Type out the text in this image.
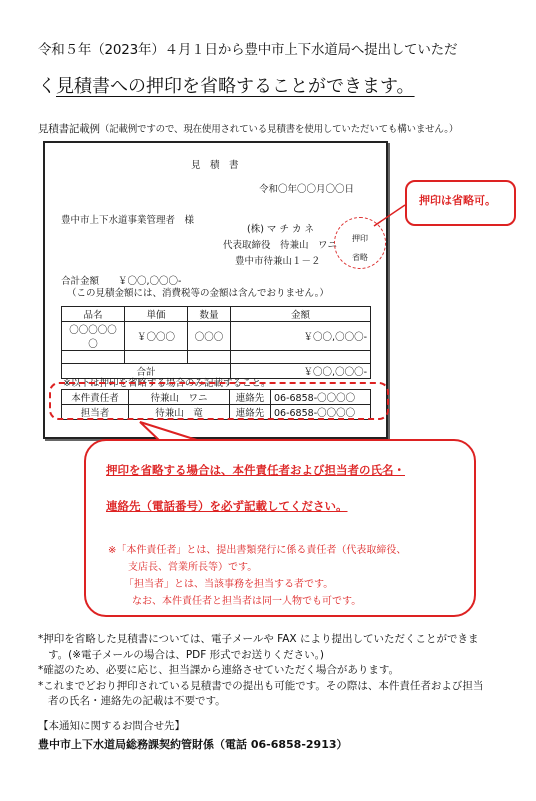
令和５年（2023年）４月１日から豊中市上下水道局へ提出していただ
く見積書への押印を省略することができます。
見積書記載例（記載例ですので、現在使用されている見積書を使用していただいても構いません。）
見　積　書
令和〇年〇〇月〇〇日
豊中市上下水道事業管理者　様
(株) マ チ カ ネ
代表取締役　待兼山　ワニ
豊中市待兼山１－２
押印
省略
合計金額　　￥〇〇,〇〇〇-
（この見積金額には、消費税等の金額は含んでおりません。）
品名	単価	数量	金額
〇〇〇〇〇〇	￥〇〇〇	〇〇〇	￥〇〇,〇〇〇-

合計			￥〇〇,〇〇〇-
※以下は押印を省略する場合のみ記載すること。
本件責任者	待兼山　ワニ	連絡先	06-6858-〇〇〇〇
担当者	待兼山　竜	連絡先	06-6858-〇〇〇〇
押印は省略可。
押印を省略する場合は、本件責任者および担当者の氏名・
連絡先（電話番号）を必ず記載してください。
※「本件責任者」とは、提出書類発行に係る責任者（代表取締役、
支店長、営業所長等）です。
「担当者」とは、当該事務を担当する者です。
なお、本件責任者と担当者は同一人物でも可です。

*押印を省略した見積書については、電子メールや FAX により提出していただくことができま

す。(※電子メールの場合は、PDF 形式でお送りください。)

*確認のため、必要に応じ、担当課から連絡させていただく場合があります。

*これまでどおり押印されている見積書での提出も可能です。その際は、本件責任者および担当

者の氏名・連絡先の記載は不要です。

【本通知に関するお問合せ先】
豊中市上下水道局総務課契約管財係（電話 06-6858-2913）
